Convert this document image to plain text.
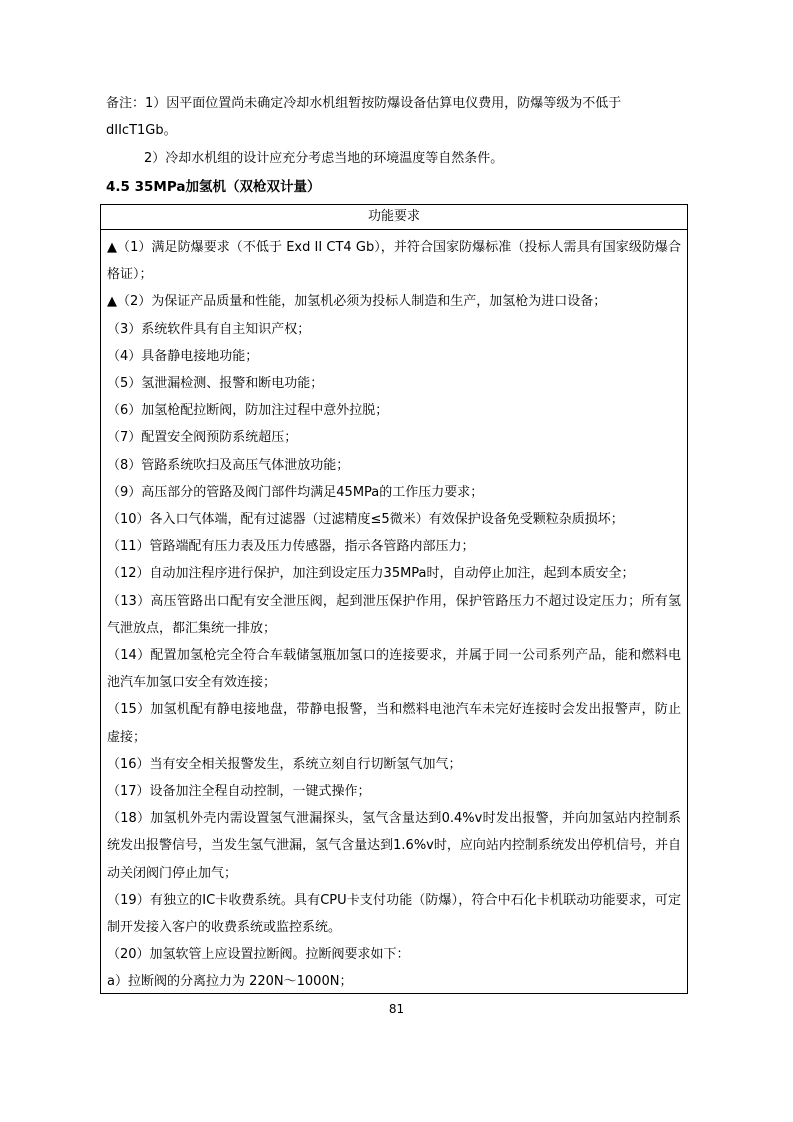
备注：1）因平面位置尚未确定冷却水机组暂按防爆设备估算电仪费用，防爆等级为不低于
dIIcT1Gb。
2）冷却水机组的设计应充分考虑当地的环境温度等自然条件。
4.5 35MPa加氢机（双枪双计量）
功能要求

▲（1）满足防爆要求（不低于 Exd II CT4 Gb），并符合国家防爆标准（投标人需具有国家级防爆合格证）；

▲（2）为保证产品质量和性能，加氢机必须为投标人制造和生产，加氢枪为进口设备；

（3）系统软件具有自主知识产权；

（4）具备静电接地功能；

（5）氢泄漏检测、报警和断电功能；

（6）加氢枪配拉断阀，防加注过程中意外拉脱；

（7）配置安全阀预防系统超压；

（8）管路系统吹扫及高压气体泄放功能；

（9）高压部分的管路及阀门部件均满足45MPa的工作压力要求；

（10）各入口气体端，配有过滤器（过滤精度≤5微米）有效保护设备免受颗粒杂质损坏；

（11）管路端配有压力表及压力传感器，指示各管路内部压力；

（12）自动加注程序进行保护，加注到设定压力35MPa时，自动停止加注，起到本质安全；

（13）高压管路出口配有安全泄压阀，起到泄压保护作用，保护管路压力不超过设定压力；所有氢气泄放点，都汇集统一排放；

（14）配置加氢枪完全符合车载储氢瓶加氢口的连接要求，并属于同一公司系列产品，能和燃料电池汽车加氢口安全有效连接；

（15）加氢机配有静电接地盘，带静电报警，当和燃料电池汽车未完好连接时会发出报警声，防止虚接；

（16）当有安全相关报警发生，系统立刻自行切断氢气加气；

（17）设备加注全程自动控制，一键式操作；

（18）加氢机外壳内需设置氢气泄漏探头，氢气含量达到0.4%v时发出报警，并向加氢站内控制系统发出报警信号，当发生氢气泄漏，氢气含量达到1.6%v时，应向站内控制系统发出停机信号，并自动关闭阀门停止加气；

（19）有独立的IC卡收费系统。具有CPU卡支付功能（防爆），符合中石化卡机联动功能要求，可定制开发接入客户的收费系统或监控系统。

（20）加氢软管上应设置拉断阀。拉断阀要求如下：

a）拉断阀的分离拉力为 220N～1000N；

81
